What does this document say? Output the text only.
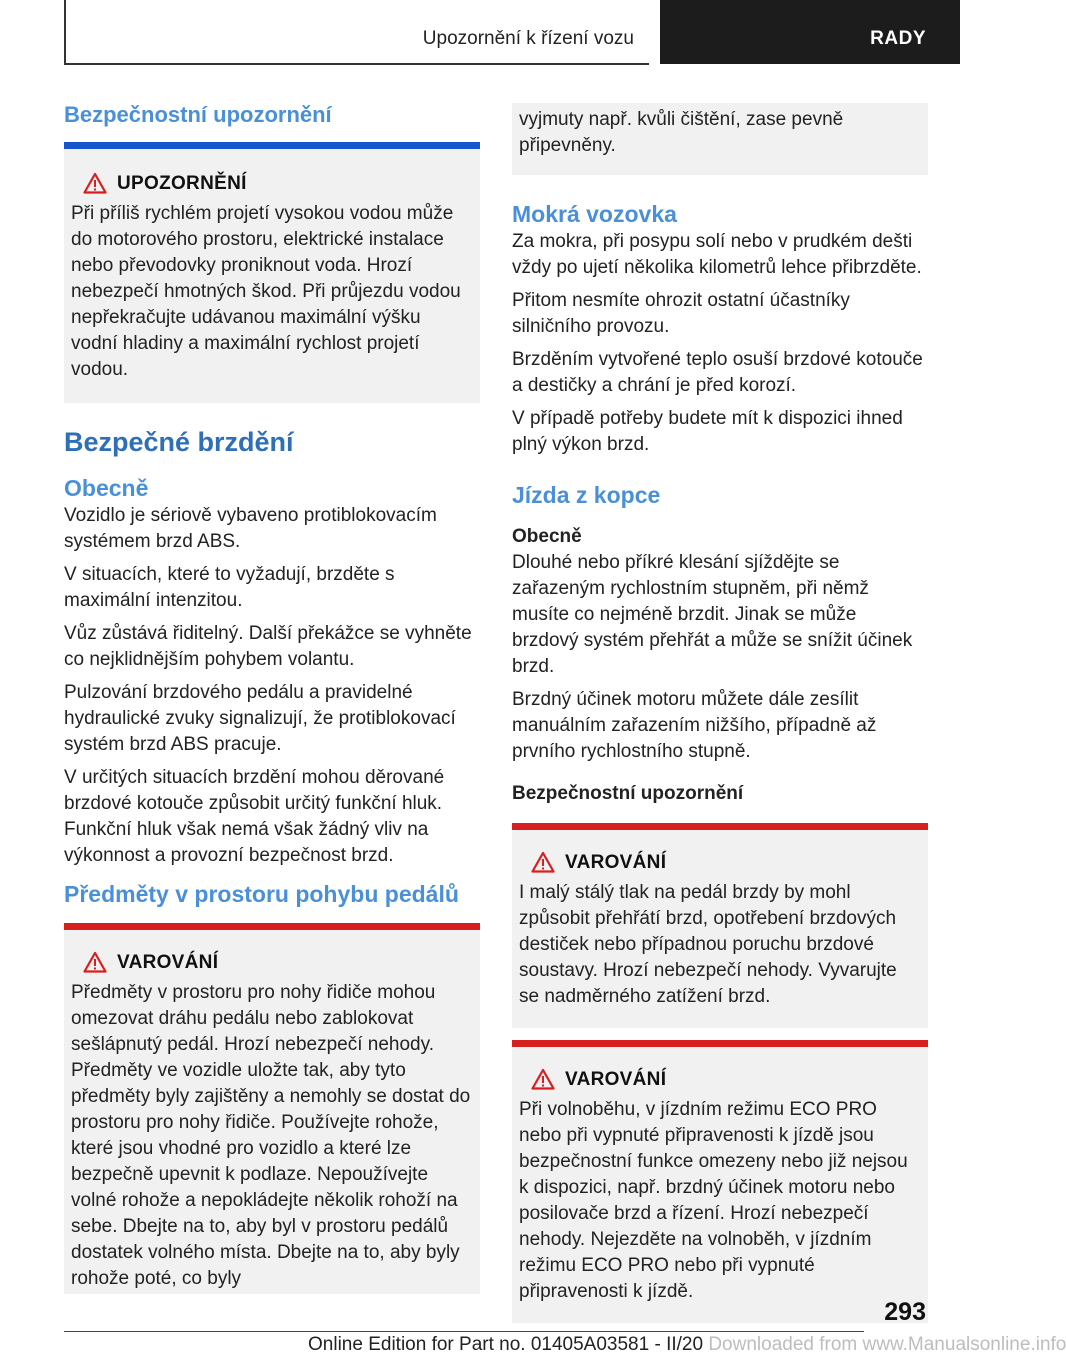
Upozornění k řízení vozu	RADY
Bezpečnostní upozornění
UPOZORNĚNÍ

Při příliš rychlém projetí vysokou vodou může do motorového prostoru, elektrické instalace nebo převodovky proniknout voda. Hrozí nebezpečí hmotných škod. Při průjezdu vodou nepřekračujte udávanou maximální výšku vodní hladiny a maximální rychlost projetí vodou.

Bezpečné brzdění
Obecně

Vozidlo je sériově vybaveno protiblokovacím systémem brzd ABS.

V situacích, které to vyžadují, brzděte s maximální intenzitou.

Vůz zůstává řiditelný. Další překážce se vyhněte co nejklidnějším pohybem volantu.

Pulzování brzdového pedálu a pravidelné hydraulické zvuky signalizují, že protiblokovací systém brzd ABS pracuje.

V určitých situacích brzdění mohou děrované brzdové kotouče způsobit určitý funkční hluk. Funkční hluk však nemá však žádný vliv na výkonnost a provozní bezpečnost brzd.

Předměty v prostoru pohybu pedálů
VAROVÁNÍ

Předměty v prostoru pro nohy řidiče mohou omezovat dráhu pedálu nebo zablokovat sešlápnutý pedál. Hrozí nebezpečí nehody. Předměty ve vozidle uložte tak, aby tyto předměty byly zajištěny a nemohly se dostat do prostoru pro nohy řidiče. Používejte rohože, které jsou vhodné pro vozidlo a které lze bezpečně upevnit k podlaze. Nepoužívejte volné rohože a nepokládejte několik rohoží na sebe. Dbejte na to, aby byl v prostoru pedálů dostatek volného místa. Dbejte na to, aby byly rohože poté, co byly

vyjmuty např. kvůli čištění, zase pevně připevněny.

Mokrá vozovka

Za mokra, při posypu solí nebo v prudkém dešti vždy po ujetí několika kilometrů lehce přibrzděte.

Přitom nesmíte ohrozit ostatní účastníky silničního provozu.

Brzděním vytvořené teplo osuší brzdové kotouče a destičky a chrání je před korozí.

V případě potřeby budete mít k dispozici ihned plný výkon brzd.

Jízda z kopce
Obecně

Dlouhé nebo příkré klesání sjíždějte se zařazeným rychlostním stupněm, při němž musíte co nejméně brzdit. Jinak se může brzdový systém přehřát a může se snížit účinek brzd.

Brzdný účinek motoru můžete dále zesílit manuálním zařazením nižšího, případně až prvního rychlostního stupně.

Bezpečnostní upozornění
VAROVÁNÍ

I malý stálý tlak na pedál brzdy by mohl způsobit přehřátí brzd, opotřebení brzdových destiček nebo případnou poruchu brzdové soustavy. Hrozí nebezpečí nehody. Vyvarujte se nadměrného zatížení brzd.

VAROVÁNÍ

Při volnoběhu, v jízdním režimu ECO PRO nebo při vypnuté připravenosti k jízdě jsou bezpečnostní funkce omezeny nebo již nejsou k dispozici, např. brzdný účinek motoru nebo posilovače brzd a řízení. Hrozí nebezpečí nehody. Nejezděte na volnoběh, v jízdním režimu ECO PRO nebo při vypnuté připravenosti k jízdě.

293
Online Edition for Part no. 01405A03581 - II/20 Downloaded from www.Manualsonline.info
